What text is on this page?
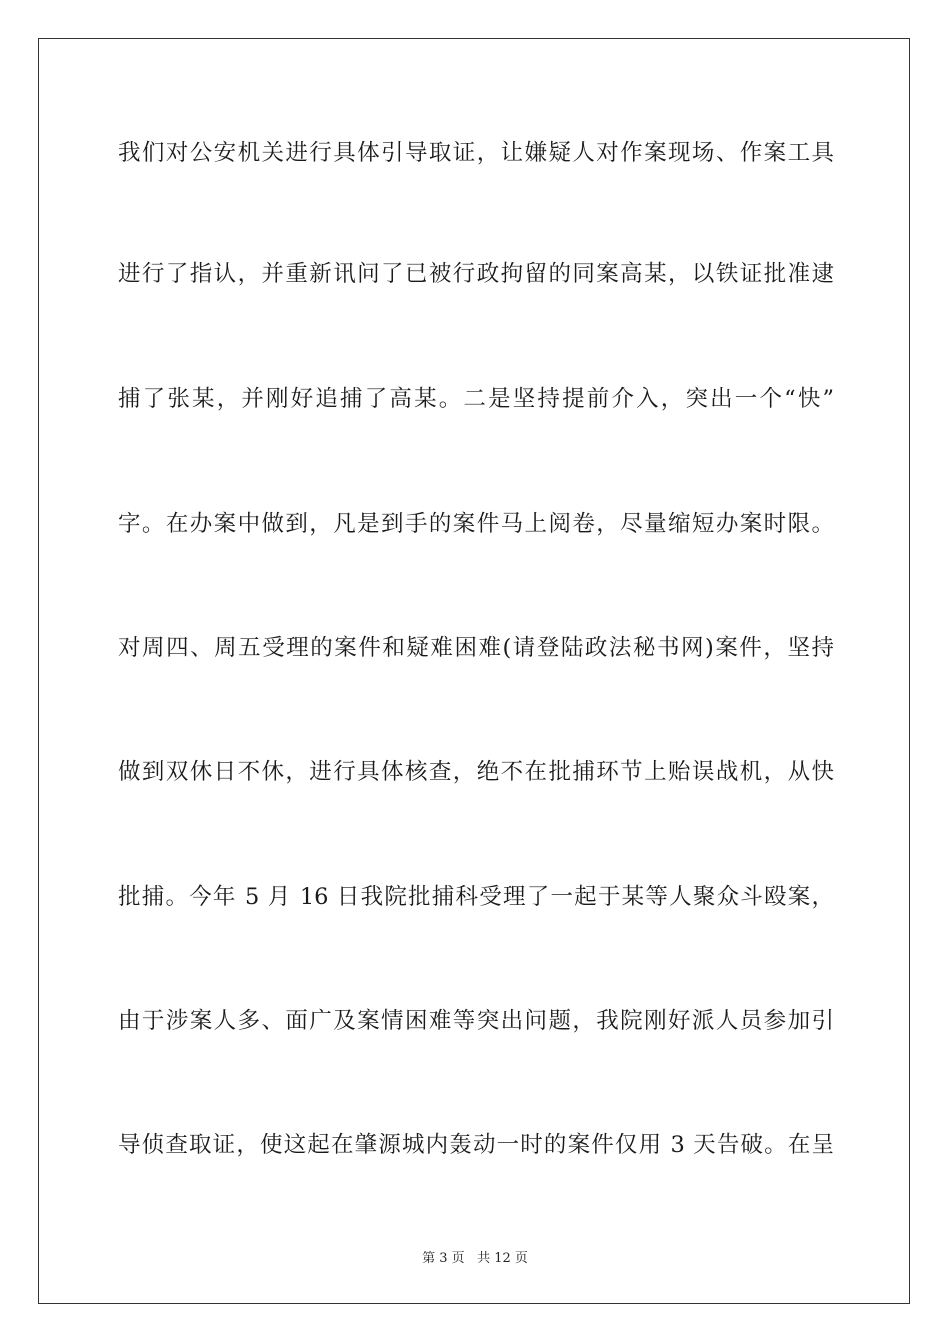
我们对公安机关进行具体引导取证，让嫌疑人对作案现场、作案工具
进行了指认，并重新讯问了已被行政拘留的同案高某，以铁证批准逮
捕了张某，并刚好追捕了高某。二是坚持提前介入，突出一个“快”
字。在办案中做到，凡是到手的案件马上阅卷，尽量缩短办案时限。
对周四、周五受理的案件和疑难困难(请登陆政法秘书网)案件，坚持
做到双休日不休，进行具体核查，绝不在批捕环节上贻误战机，从快
批捕。今年 5 月 16 日我院批捕科受理了一起于某等人聚众斗殴案，
由于涉案人多、面广及案情困难等突出问题，我院刚好派人员参加引
导侦查取证，使这起在肇源城内轰动一时的案件仅用 3 天告破。在呈
第 3 页 共 12 页
